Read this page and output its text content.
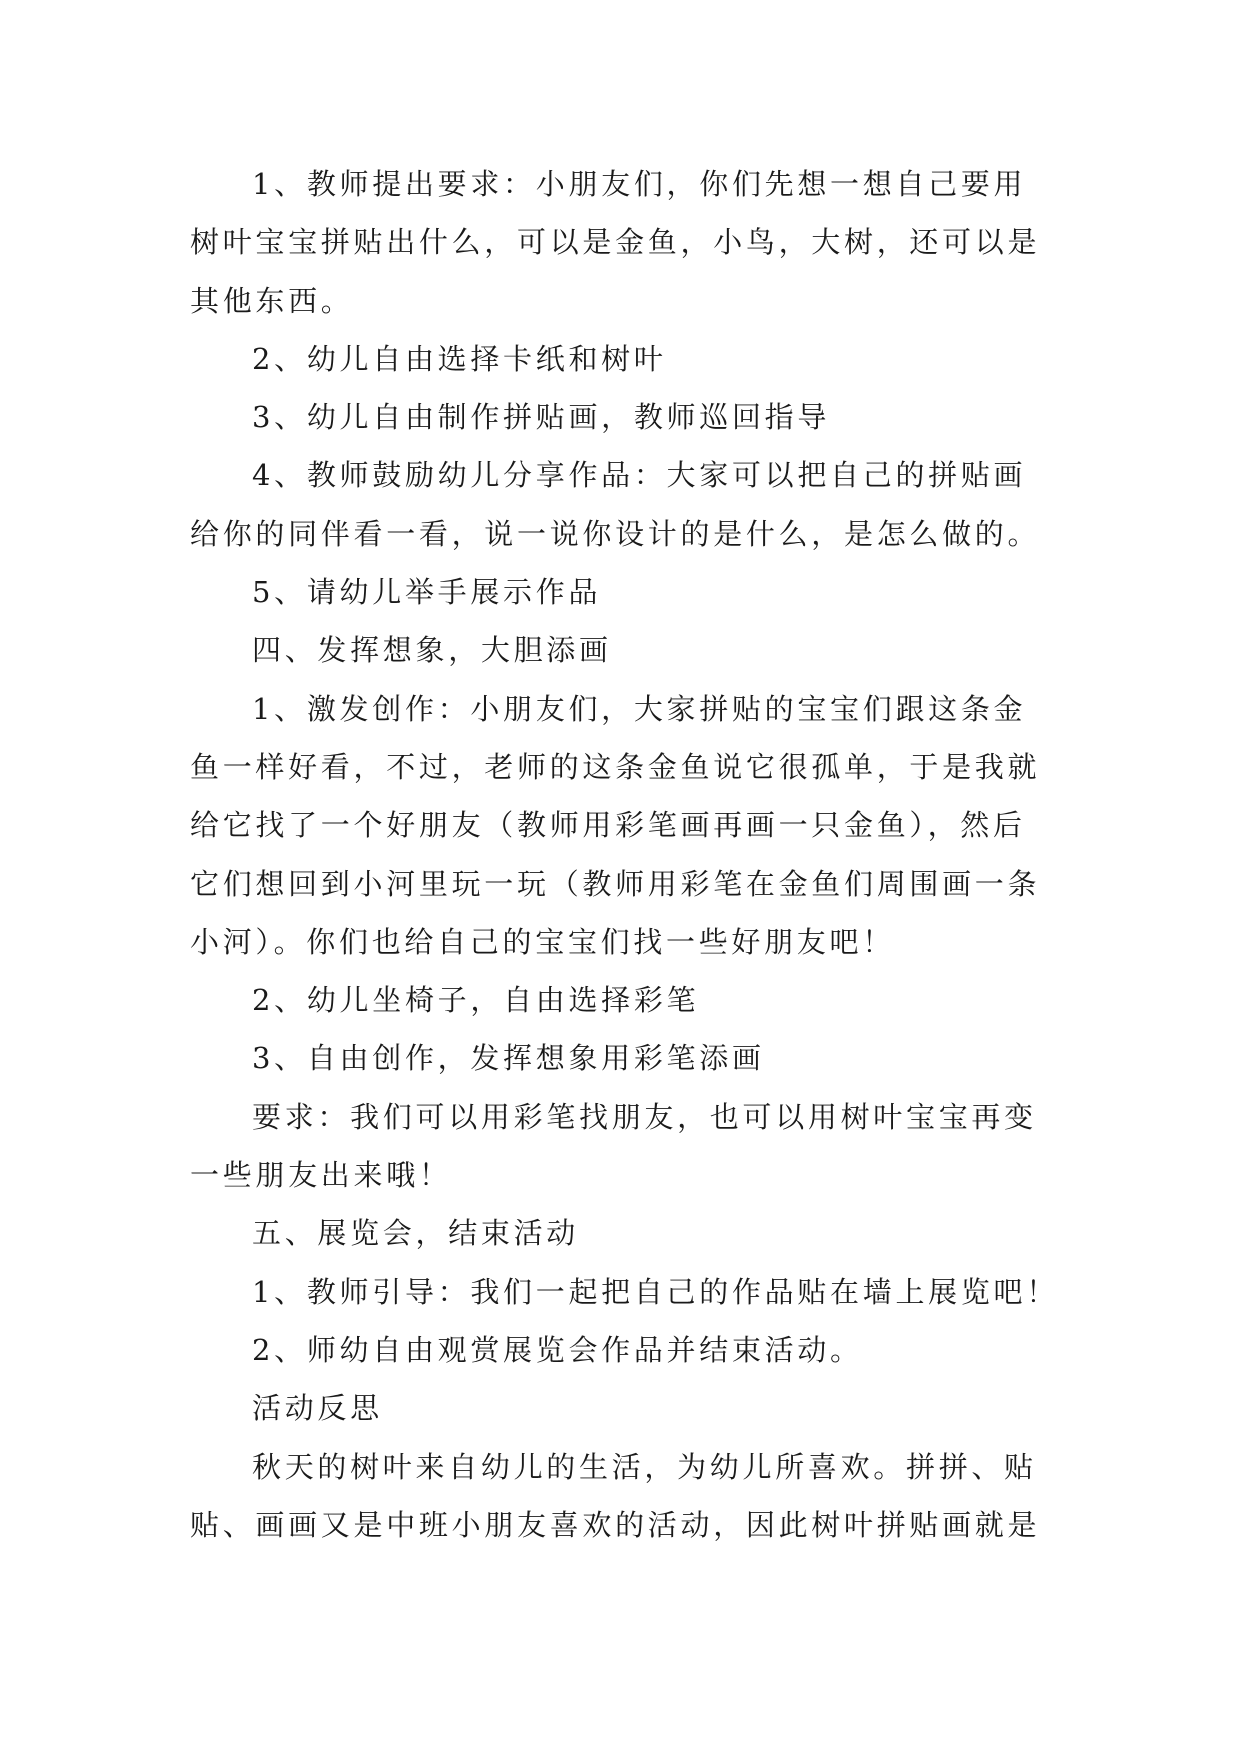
1、教师提出要求：小朋友们，你们先想一想自己要用
树叶宝宝拼贴出什么，可以是金鱼，小鸟，大树，还可以是
其他东西。
2、幼儿自由选择卡纸和树叶
3、幼儿自由制作拼贴画，教师巡回指导
4、教师鼓励幼儿分享作品：大家可以把自己的拼贴画
给你的同伴看一看，说一说你设计的是什么，是怎么做的。
5、请幼儿举手展示作品
四、发挥想象，大胆添画
1、激发创作：小朋友们，大家拼贴的宝宝们跟这条金
鱼一样好看，不过，老师的这条金鱼说它很孤单，于是我就
给它找了一个好朋友（教师用彩笔画再画一只金鱼），然后
它们想回到小河里玩一玩（教师用彩笔在金鱼们周围画一条
小河）。你们也给自己的宝宝们找一些好朋友吧！
2、幼儿坐椅子，自由选择彩笔
3、自由创作，发挥想象用彩笔添画
要求：我们可以用彩笔找朋友，也可以用树叶宝宝再变
一些朋友出来哦！
五、展览会，结束活动
1、教师引导：我们一起把自己的作品贴在墙上展览吧！
2、师幼自由观赏展览会作品并结束活动。
活动反思
秋天的树叶来自幼儿的生活，为幼儿所喜欢。拼拼、贴
贴、画画又是中班小朋友喜欢的活动，因此树叶拼贴画就是
